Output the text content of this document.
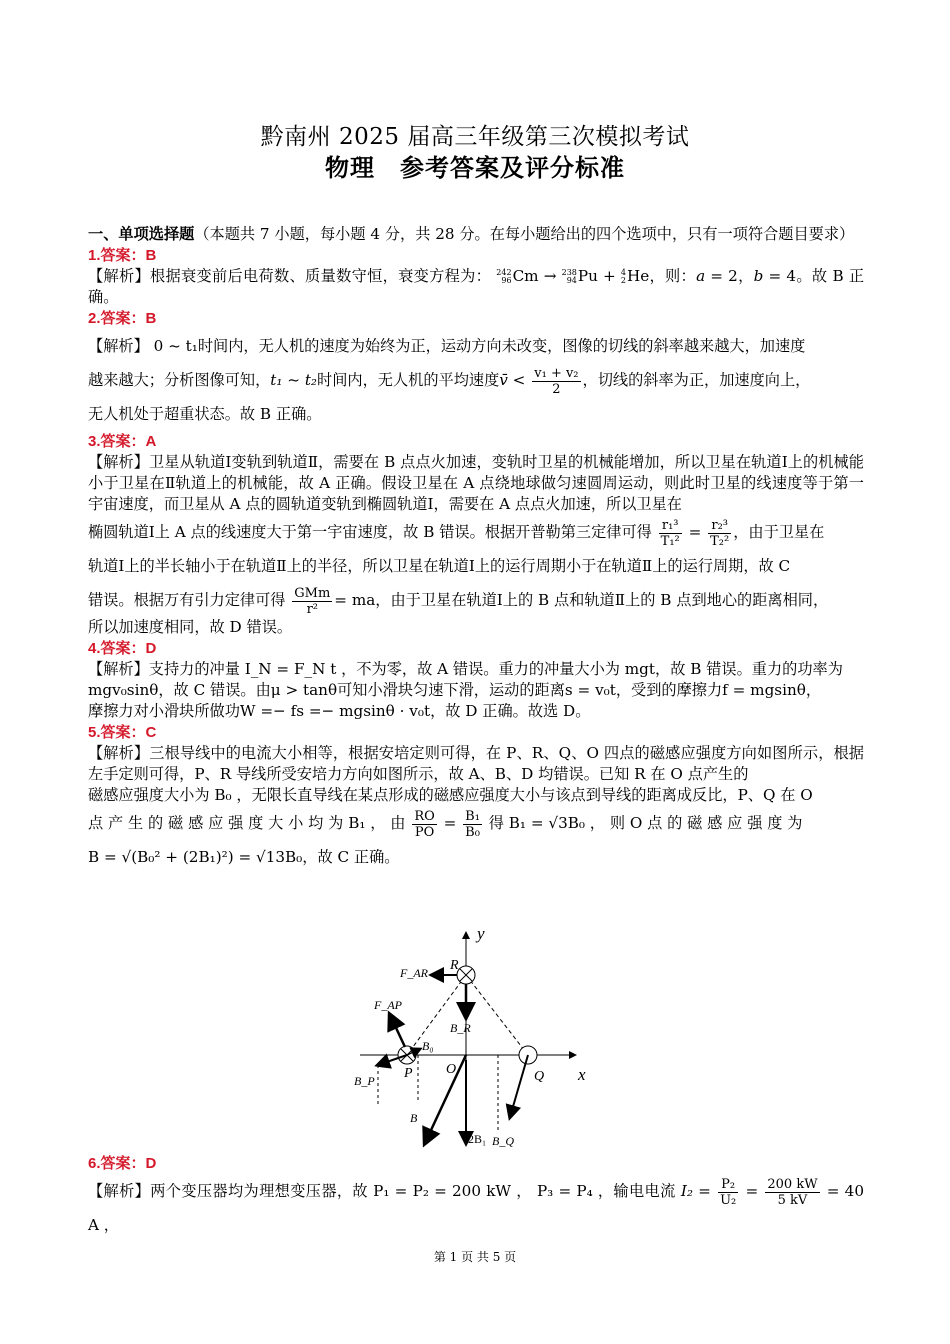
黔南州 2025 届高三年级第三次模拟考试
物理　参考答案及评分标准

一、单项选择题（本题共 7 小题，每小题 4 分，共 28 分。在每小题给出的四个选项中，只有一项符合题目要求）

1.答案：B

【解析】根据衰变前后电荷数、质量数守恒，衰变方程为： 242
96 Cm → 238
94 Pu + 4
2 He，则：a = 2，b = 4。故 B 正确。

2.答案：B

【解析】 0 ~ t₁时间内，无人机的速度为始终为正，运动方向未改变，图像的切线的斜率越来越大，加速度
越来越大；分析图像可知，t₁ ~ t₂时间内，无人机的平均速度v̄ < $\frac{\text{v₁ + v₂}}{2}$ ，切线的斜率为正，加速度向上，
无人机处于超重状态。故 B 正确。

3.答案：A

【解析】卫星从轨道Ⅰ变轨到轨道Ⅱ，需要在 B 点点火加速，变轨时卫星的机械能增加，所以卫星在轨道Ⅰ上的机械能小于卫星在Ⅱ轨道上的机械能，故 A 正确。假设卫星在 A 点绕地球做匀速圆周运动，则此时卫星的线速度等于第一宇宙速度，而卫星从 A 点的圆轨道变轨到椭圆轨道Ⅰ，需要在 A 点点火加速，所以卫星在

椭圆轨道Ⅰ上 A 点的线速度大于第一宇宙速度，故 B 错误。根据开普勒第三定律可得 $\frac{\text{r₁³}}{\text{T₁²}} = \frac{\text{r₂³}}{\text{T₂²}}$ ，由于卫星在
轨道Ⅰ上的半长轴小于在轨道Ⅱ上的半径，所以卫星在轨道Ⅰ上的运行周期小于在轨道Ⅱ上的运行周期，故 C
错误。根据万有引力定律可得 $\frac{\text{GMm}}{\text{r²}}$ = ma，由于卫星在轨道Ⅰ上的 B 点和轨道Ⅱ上的 B 点到地心的距离相同，

所以加速度相同，故 D 错误。

4.答案：D

【解析】支持力的冲量 I_N = F_N t ，不为零，故 A 错误。重力的冲量大小为 mgt，故 B 错误。重力的功率为
mgv₀sinθ，故 C 错误。由μ > tanθ可知小滑块匀速下滑，运动的距离s = v₀t，受到的摩擦力f = mgsinθ，
摩擦力对小滑块所做功W =− fs =− mgsinθ · v₀t，故 D 正确。故选 D。

5.答案：C

【解析】三根导线中的电流大小相等，根据安培定则可得，在 P、R、Q、O 四点的磁感应强度方向如图所示，根据左手定则可得，P、R 导线所受安培力方向如图所示，故 A、B、D 均错误。已知 R 在 O 点产生的
磁感应强度大小为 B₀ ，无限长直导线在某点形成的磁感应强度大小与该点到导线的距离成反比，P、Q 在 O

点 产 生 的 磁 感 应 强 度 大 小 均 为 B₁ ， 由 $\frac{RO}{PO} = \frac{\text{B₁}}{\text{B₀}}$ 得 B₁ = √3B₀ ， 则 O 点 的 磁 感 应 强 度 为
B = √(B₀² + (2B₁)²) = √13B₀，故 C 正确。

y
x
F_AR R
F_AP
B_R
B₀
P
B_P
O	Q
B
2B₁ B_Q

6.答案：D

【解析】两个变压器均为理想变压器，故 P₁ = P₂ = 200 kW ， P₃ = P₄ ，输电电流 $I_2 = \frac{\text{P₂}}{\text{U₂}} = \frac{200 kW}{5 kV} = 40$ A ，

第 1 页 共 5 页
